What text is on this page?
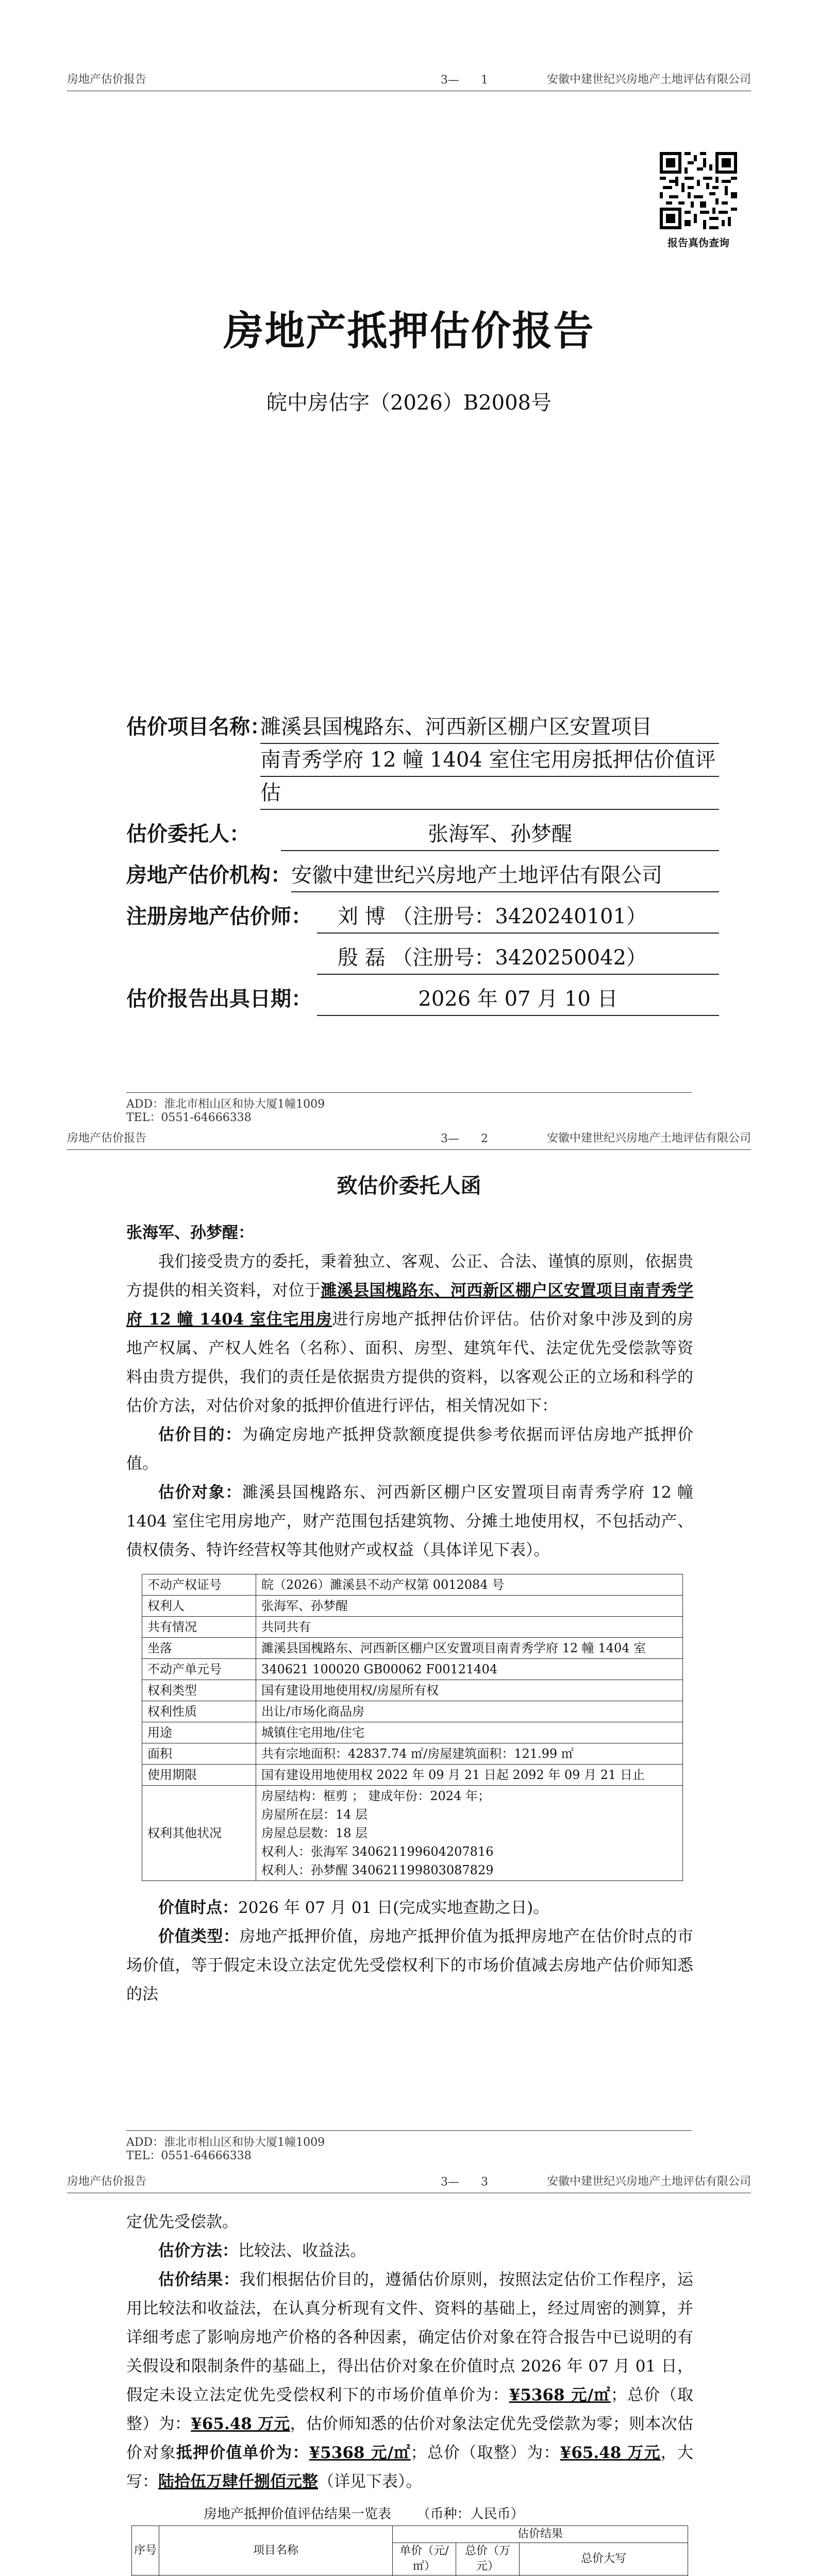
房地产估价报告	3— 1	安徽中建世纪兴房地产土地评估有限公司
报告真伪查询
房地产抵押估价报告
皖中房估字（2026）B2008号
估价项目名称：
濉溪县国槐路东、河西新区棚户区安置项目
南青秀学府 12 幢 1404 室住宅用房抵押估价值评
估
估价委托人：	张海军、孙梦醒
房地产估价机构： 安徽中建世纪兴房地产土地评估有限公司
注册房地产估价师：	刘 博 （注册号：3420240101）
殷 磊 （注册号：3420250042）
估价报告出具日期：	2026 年 07 月 10 日
ADD：淮北市相山区和协大厦1幢1009
TEL：0551-64666338
房地产估价报告	3— 2	安徽中建世纪兴房地产土地评估有限公司
致估价委托人函

张海军、孙梦醒：

我们接受贵方的委托，秉着独立、客观、公正、合法、谨慎的原则，依据贵方提供的相关资料，对位于濉溪县国槐路东、河西新区棚户区安置项目南青秀学府 12 幢 1404 室住宅用房进行房地产抵押估价评估。估价对象中涉及到的房地产权属、产权人姓名（名称）、面积、房型、建筑年代、法定优先受偿款等资料由贵方提供，我们的责任是依据贵方提供的资料，以客观公正的立场和科学的估价方法，对估价对象的抵押价值进行评估，相关情况如下：

估价目的：为确定房地产抵押贷款额度提供参考依据而评估房地产抵押价值。

估价对象：濉溪县国槐路东、河西新区棚户区安置项目南青秀学府 12 幢 1404 室住宅用房地产，财产范围包括建筑物、分摊土地使用权，不包括动产、债权债务、特许经营权等其他财产或权益（具体详见下表）。

不动产权证号	皖（2026）濉溪县不动产权第 0012084 号

权利人	张海军、孙梦醒

共有情况	共同共有

坐落	濉溪县国槐路东、河西新区棚户区安置项目南青秀学府 12 幢 1404 室

不动产单元号	340621 100020 GB00062 F00121404

权利类型	国有建设用地使用权/房屋所有权

权利性质	出让/市场化商品房

用途	城镇住宅用地/住宅

面积	共有宗地面积：42837.74 ㎡/房屋建筑面积：121.99 ㎡

使用期限	国有建设用地使用权 2022 年 09 月 21 日起 2092 年 09 月 21 日止

权利其他状况	房屋结构：框剪 ； 建成年份：2024 年；
房屋所在层：14 层
房屋总层数：18 层
权利人：张海军 340621199604207816
权利人：孙梦醒 340621199803087829

价值时点：2026 年 07 月 01 日(完成实地查勘之日)。

价值类型：房地产抵押价值，房地产抵押价值为抵押房地产在估价时点的市场价值，等于假定未设立法定优先受偿权利下的市场价值减去房地产估价师知悉的法

ADD：淮北市相山区和协大厦1幢1009
TEL：0551-64666338
房地产估价报告	3— 3	安徽中建世纪兴房地产土地评估有限公司

定优先受偿款。

估价方法：比较法、收益法。

估价结果：我们根据估价目的，遵循估价原则，按照法定估价工作程序，运用比较法和收益法，在认真分析现有文件、资料的基础上，经过周密的测算，并详细考虑了影响房地产价格的各种因素，确定估价对象在符合报告中已说明的有关假设和限制条件的基础上，得出估价对象在价值时点 2026 年 07 月 01 日，假定未设立法定优先受偿权利下的市场价值单价为：¥5368 元/㎡；总价（取整）为：¥65.48 万元，估价师知悉的估价对象法定优先受偿款为零；则本次估价对象抵押价值单价为：¥5368 元/㎡；总价（取整）为：¥65.48 万元，大写：陆拾伍万肆仟捌佰元整（详见下表）。

房地产抵押价值评估结果一览表 （币种：人民币）
序号	项目名称	估价结果		
		单价（元/㎡）	总价（万元）	总价大写
